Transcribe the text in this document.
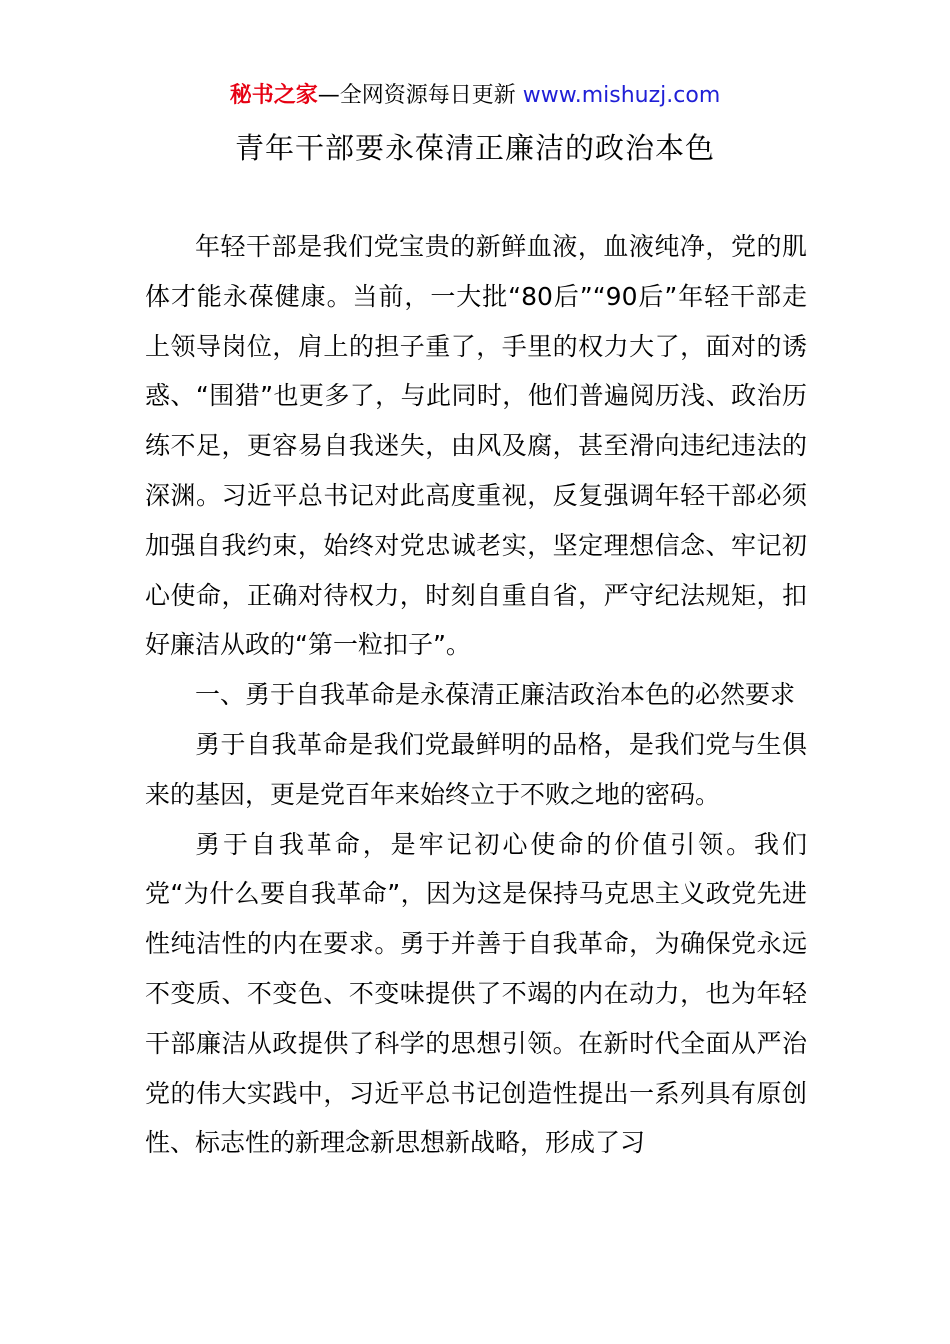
秘书之家—全网资源每日更新 www.mishuzj.com
青年干部要永葆清正廉洁的政治本色

年轻干部是我们党宝贵的新鲜血液，血液纯净，党的肌体才能永葆健康。当前，一大批“80后”“90后”年轻干部走上领导岗位，肩上的担子重了，手里的权力大了，面对的诱惑、“围猎”也更多了，与此同时，他们普遍阅历浅、政治历练不足，更容易自我迷失，由风及腐，甚至滑向违纪违法的深渊。习近平总书记对此高度重视，反复强调年轻干部必须加强自我约束，始终对党忠诚老实，坚定理想信念、牢记初心使命，正确对待权力，时刻自重自省，严守纪法规矩，扣好廉洁从政的“第一粒扣子”。

一、勇于自我革命是永葆清正廉洁政治本色的必然要求

勇于自我革命是我们党最鲜明的品格，是我们党与生俱来的基因，更是党百年来始终立于不败之地的密码。

勇于自我革命，是牢记初心使命的价值引领。我们党“为什么要自我革命”，因为这是保持马克思主义政党先进性纯洁性的内在要求。勇于并善于自我革命，为确保党永远不变质、不变色、不变味提供了不竭的内在动力，也为年轻干部廉洁从政提供了科学的思想引领。在新时代全面从严治党的伟大实践中，习近平总书记创造性提出一系列具有原创性、标志性的新理念新思想新战略，形成了习
